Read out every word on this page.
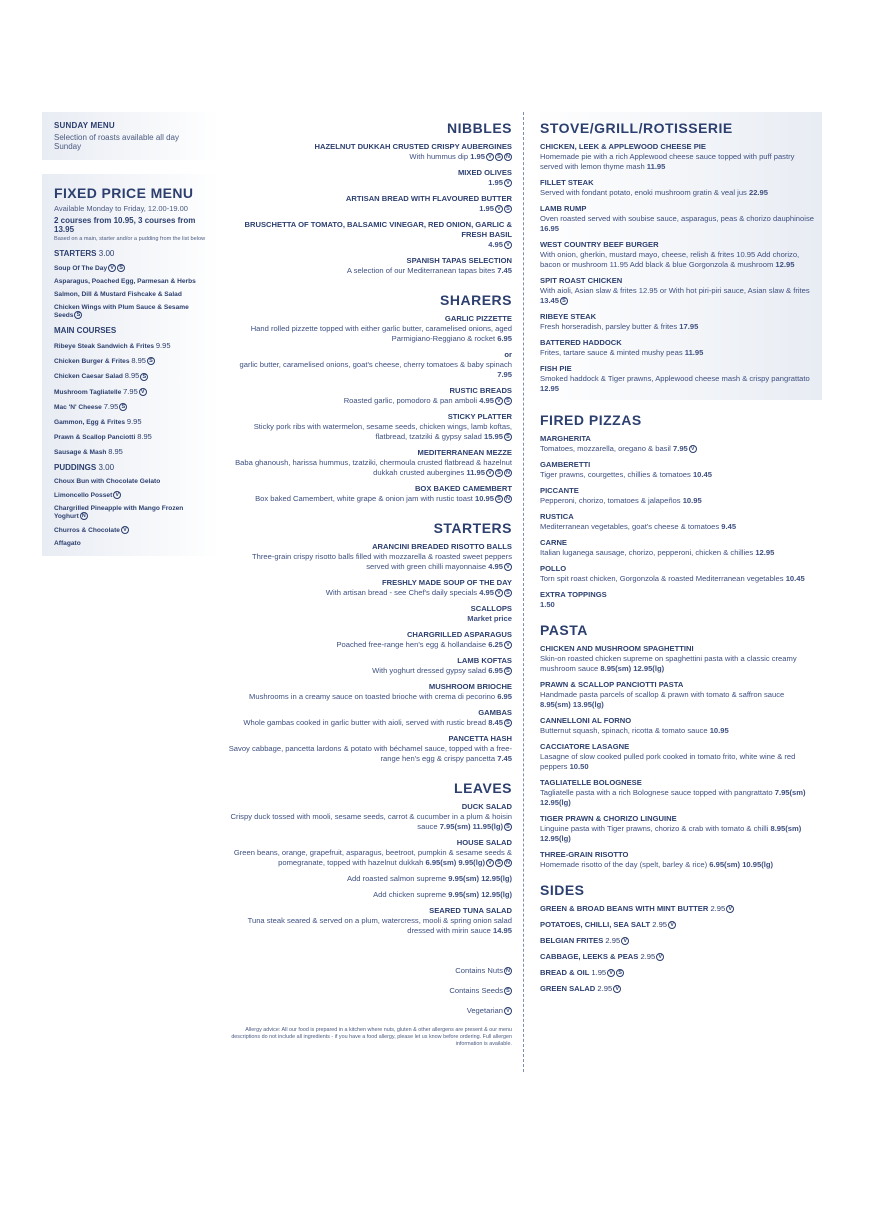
SUNDAY MENU
Selection of roasts available all day Sunday
FIXED PRICE MENU
Available Monday to Friday, 12.00-19.00
2 courses from 10.95, 3 courses from 13.95
Based on a main, starter and/or a pudding from the list below
STARTERS 3.00
Soup Of The Day V S
Asparagus, Poached Egg, Parmesan & Herbs
Salmon, Dill & Mustard Fishcake & Salad
Chicken Wings with Plum Sauce & Sesame Seeds S
MAIN COURSES
Ribeye Steak Sandwich & Frites 9.95
Chicken Burger & Frites 8.95 S
Chicken Caesar Salad 8.95 S
Mushroom Tagliatelle 7.95 V
Mac 'N' Cheese 7.95 S
Gammon, Egg & Frites 9.95
Prawn & Scallop Panciotti 8.95
Sausage & Mash 8.95
PUDDINGS 3.00
Choux Bun with Chocolate Gelato
Limoncello Posset V
Chargrilled Pineapple with Mango Frozen Yoghurt N
Churros & Chocolate V
Affagato
NIBBLES
HAZELNUT DUKKAH CRUSTED CRISPY AUBERGINES
With hummus dip 1.95 V S N
MIXED OLIVES
1.95 V
ARTISAN BREAD WITH FLAVOURED BUTTER
1.95 V S
BRUSCHETTA OF TOMATO, BALSAMIC VINEGAR, RED ONION, GARLIC & FRESH BASIL
4.95 V
SPANISH TAPAS SELECTION
A selection of our Mediterranean tapas bites 7.45
SHARERS
GARLIC PIZZETTE
Hand rolled pizzette topped with either garlic butter, caramelised onions, aged Parmigiano-Reggiano & rocket 6.95
or
garlic butter, caramelised onions, goat's cheese, cherry tomatoes & baby spinach 7.95
RUSTIC BREADS
Roasted garlic, pomodoro & pan amboli 4.95 V S
STICKY PLATTER
Sticky pork ribs with watermelon, sesame seeds, chicken wings, lamb koftas, flatbread, tzatziki & gypsy salad 15.95 S
MEDITERRANEAN MEZZE
Baba ghanoush, harissa hummus, tzatziki, chermoula crusted flatbread & hazelnut dukkah crusted aubergines 11.95 V S N
BOX BAKED CAMEMBERT
Box baked Camembert, white grape & onion jam with rustic toast 10.95 S N
STARTERS
ARANCINI BREADED RISOTTO BALLS
Three-grain crispy risotto balls filled with mozzarella & roasted sweet peppers served with green chilli mayonnaise 4.95 V
FRESHLY MADE SOUP OF THE DAY
With artisan bread - see Chef's daily specials 4.95 V S
SCALLOPS
Market price
CHARGRILLED ASPARAGUS
Poached free-range hen's egg & hollandaise 6.25 V
LAMB KOFTAS
With yoghurt dressed gypsy salad 6.95 S
MUSHROOM BRIOCHE
Mushrooms in a creamy sauce on toasted brioche with crema di pecorino 6.95
GAMBAS
Whole gambas cooked in garlic butter with aioli, served with rustic bread 8.45 S
PANCETTA HASH
Savoy cabbage, pancetta lardons & potato with béchamel sauce, topped with a free-range hen's egg & crispy pancetta 7.45
LEAVES
DUCK SALAD
Crispy duck tossed with mooli, sesame seeds, carrot & cucumber in a plum & hoisin sauce 7.95(sm) 11.95(lg) S
HOUSE SALAD
Green beans, orange, grapefruit, asparagus, beetroot, pumpkin & sesame seeds & pomegranate, topped with hazelnut dukkah 6.95(sm) 9.95(lg) V S N
Add roasted salmon supreme 9.95(sm) 12.95(lg)
Add chicken supreme 9.95(sm) 12.95(lg)
SEARED TUNA SALAD
Tuna steak seared & served on a plum, watercress, mooli & spring onion salad dressed with mirin sauce 14.95
Contains Nuts N
Contains Seeds S
Vegetarian V
Allergy advice: All our food is prepared in a kitchen where nuts, gluten & other allergens are present & our menu descriptions do not include all ingredients - if you have a food allergy, please let us know before ordering. Full allergen information is available.
STOVE/GRILL/ROTISSERIE
CHICKEN, LEEK & APPLEWOOD CHEESE PIE
Homemade pie with a rich Applewood cheese sauce topped with puff pastry served with lemon thyme mash 11.95
FILLET STEAK
Served with fondant potato, enoki mushroom gratin & veal jus 22.95
LAMB RUMP
Oven roasted served with soubise sauce, asparagus, peas & chorizo dauphinoise 16.95
WEST COUNTRY BEEF BURGER
With onion, gherkin, mustard mayo, cheese, relish & frites 10.95 Add chorizo, bacon or mushroom 11.95 Add black & blue Gorgonzola & mushroom 12.95
SPIT ROAST CHICKEN
With aioli, Asian slaw & frites 12.95 or With hot piri-piri sauce, Asian slaw & frites 13.45 S
RIBEYE STEAK
Fresh horseradish, parsley butter & frites 17.95
BATTERED HADDOCK
Frites, tartare sauce & minted mushy peas 11.95
FISH PIE
Smoked haddock & Tiger prawns, Applewood cheese mash & crispy pangrattato 12.95
FIRED PIZZAS
MARGHERITA
Tomatoes, mozzarella, oregano & basil 7.95 V
GAMBERETTI
Tiger prawns, courgettes, chillies & tomatoes 10.45
PICCANTE
Pepperoni, chorizo, tomatoes & jalapeños 10.95
RUSTICA
Mediterranean vegetables, goat's cheese & tomatoes 9.45
CARNE
Italian luganega sausage, chorizo, pepperoni, chicken & chillies 12.95
POLLO
Torn spit roast chicken, Gorgonzola & roasted Mediterranean vegetables 10.45
EXTRA TOPPINGS
1.50
PASTA
CHICKEN AND MUSHROOM SPAGHETTINI
Skin-on roasted chicken supreme on spaghettini pasta with a classic creamy mushroom sauce 8.95(sm) 12.95(lg)
PRAWN & SCALLOP PANCIOTTI PASTA
Handmade pasta parcels of scallop & prawn with tomato & saffron sauce 8.95(sm) 13.95(lg)
CANNELLONI AL FORNO
Butternut squash, spinach, ricotta & tomato sauce 10.95
CACCIATORE LASAGNE
Lasagne of slow cooked pulled pork cooked in tomato frito, white wine & red peppers 10.50
TAGLIATELLE BOLOGNESE
Tagliatelle pasta with a rich Bolognese sauce topped with pangrattato 7.95(sm) 12.95(lg)
TIGER PRAWN & CHORIZO LINGUINE
Linguine pasta with Tiger prawns, chorizo & crab with tomato & chilli 8.95(sm) 12.95(lg)
THREE-GRAIN RISOTTO
Homemade risotto of the day (spelt, barley & rice) 6.95(sm) 10.95(lg)
SIDES
GREEN & BROAD BEANS WITH MINT BUTTER 2.95 V
POTATOES, CHILLI, SEA SALT 2.95 V
BELGIAN FRITES 2.95 V
CABBAGE, LEEKS & PEAS 2.95 V
BREAD & OIL 1.95 V S
GREEN SALAD 2.95 V
